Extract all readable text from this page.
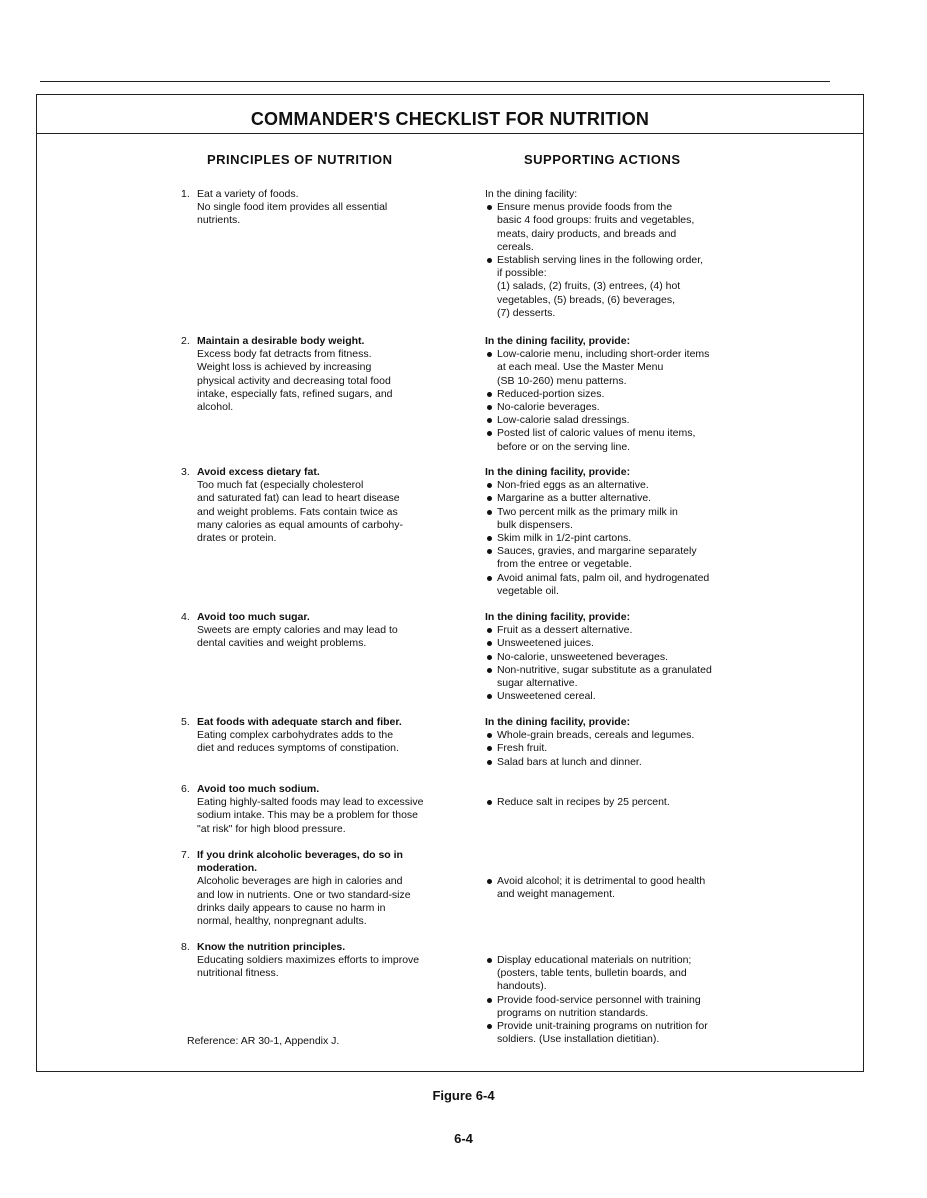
COMMANDER'S CHECKLIST FOR NUTRITION
PRINCIPLES OF NUTRITION	SUPPORTING ACTIONS
1. Eat a variety of foods.
No single food item provides all essential
nutrients.
In the dining facility:
Ensure menus provide foods from the
basic 4 food groups: fruits and vegetables,
meats, dairy products, and breads and
cereals.
Establish serving lines in the following order,
if possible:
(1) salads, (2) fruits, (3) entrees, (4) hot
vegetables, (5) breads, (6) beverages,
(7) desserts.
2. Maintain a desirable body weight.
Excess body fat detracts from fitness.
Weight loss is achieved by increasing
physical activity and decreasing total food
intake, especially fats, refined sugars, and
alcohol.
In the dining facility, provide:
Low-calorie menu, including short-order items
at each meal. Use the Master Menu
(SB 10-260) menu patterns.
Reduced-portion sizes.
No-calorie beverages.
Low-calorie salad dressings.
Posted list of caloric values of menu items,
before or on the serving line.
3. Avoid excess dietary fat.
Too much fat (especially cholesterol
and saturated fat) can lead to heart disease
and weight problems. Fats contain twice as
many calories as equal amounts of carbohy-
drates or protein.
In the dining facility, provide:
Non-fried eggs as an alternative.
Margarine as a butter alternative.
Two percent milk as the primary milk in
bulk dispensers.
Skim milk in 1/2-pint cartons.
Sauces, gravies, and margarine separately
from the entree or vegetable.
Avoid animal fats, palm oil, and hydrogenated
vegetable oil.
4. Avoid too much sugar.
Sweets are empty calories and may lead to
dental cavities and weight problems.
In the dining facility, provide:
Fruit as a dessert alternative.
Unsweetened juices.
No-calorie, unsweetened beverages.
Non-nutritive, sugar substitute as a granulated
sugar alternative.
Unsweetened cereal.
5. Eat foods with adequate starch and fiber.
Eating complex carbohydrates adds to the
diet and reduces symptoms of constipation.
In the dining facility, provide:
Whole-grain breads, cereals and legumes.
Fresh fruit.
Salad bars at lunch and dinner.
6. Avoid too much sodium.
Eating highly-salted foods may lead to excessive
sodium intake. This may be a problem for those
"at risk" for high blood pressure.
Reduce salt in recipes by 25 percent.
7. If you drink alcoholic beverages, do so in
moderation.
Alcoholic beverages are high in calories and
and low in nutrients. One or two standard-size
drinks daily appears to cause no harm in
normal, healthy, nonpregnant adults.
Avoid alcohol; it is detrimental to good health
and weight management.
8. Know the nutrition principles.
Educating soldiers maximizes efforts to improve
nutritional fitness.
Display educational materials on nutrition;
(posters, table tents, bulletin boards, and
handouts).
Provide food-service personnel with training
programs on nutrition standards.
Provide unit-training programs on nutrition for
soldiers. (Use installation dietitian).
Reference: AR 30-1, Appendix J.
Figure 6-4
6-4
